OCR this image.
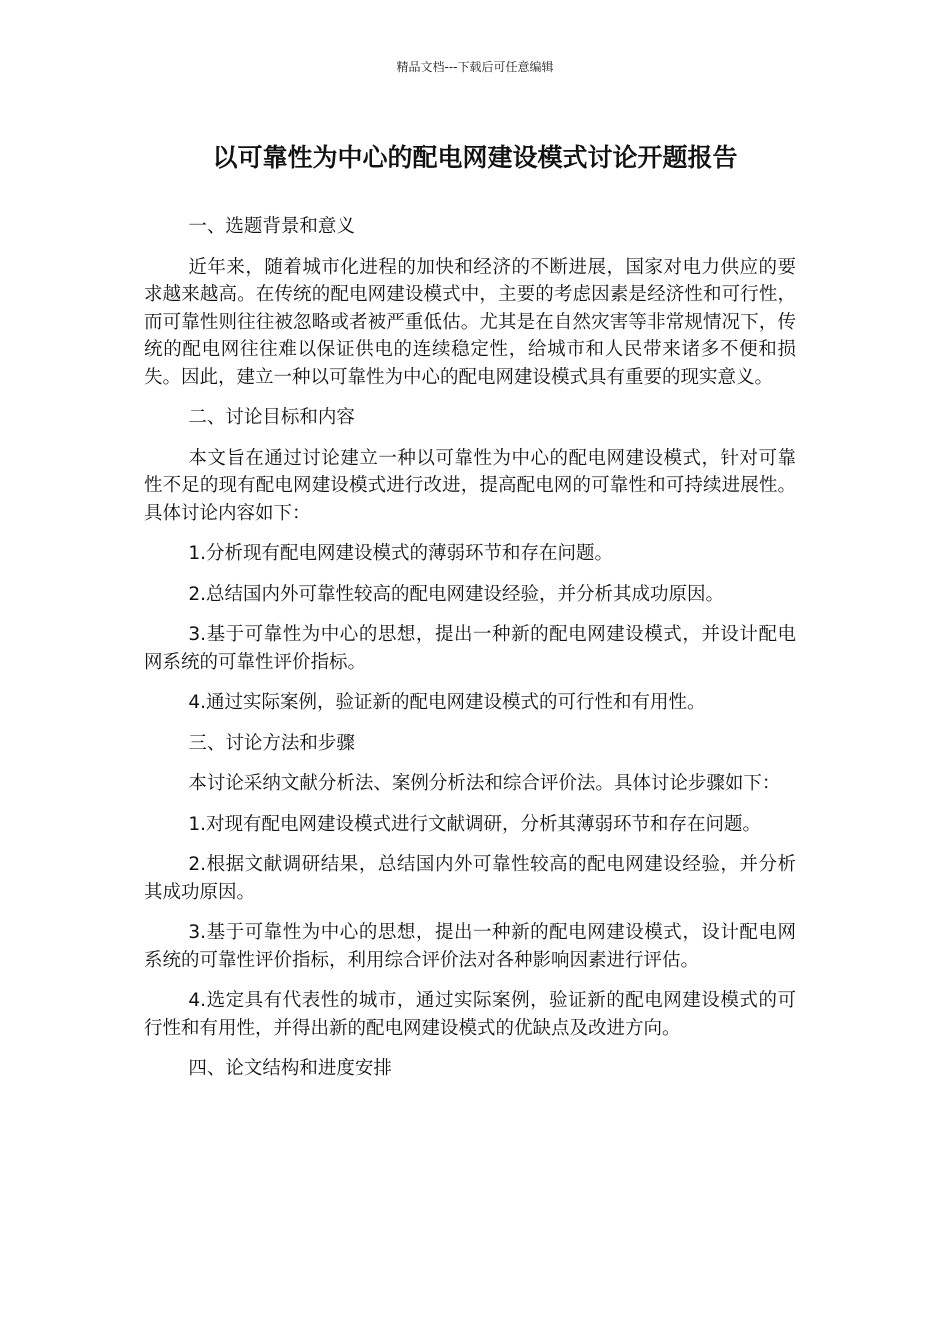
精品文档---下载后可任意编辑
以可靠性为中心的配电网建设模式讨论开题报告

一、选题背景和意义

近年来，随着城市化进程的加快和经济的不断进展，国家对电力供应的要求越来越高。在传统的配电网建设模式中，主要的考虑因素是经济性和可行性，而可靠性则往往被忽略或者被严重低估。尤其是在自然灾害等非常规情况下，传统的配电网往往难以保证供电的连续稳定性，给城市和人民带来诸多不便和损失。因此，建立一种以可靠性为中心的配电网建设模式具有重要的现实意义。

二、讨论目标和内容

本文旨在通过讨论建立一种以可靠性为中心的配电网建设模式，针对可靠性不足的现有配电网建设模式进行改进，提高配电网的可靠性和可持续进展性。具体讨论内容如下：

1.分析现有配电网建设模式的薄弱环节和存在问题。

2.总结国内外可靠性较高的配电网建设经验，并分析其成功原因。

3.基于可靠性为中心的思想，提出一种新的配电网建设模式，并设计配电网系统的可靠性评价指标。

4.通过实际案例，验证新的配电网建设模式的可行性和有用性。

三、讨论方法和步骤

本讨论采纳文献分析法、案例分析法和综合评价法。具体讨论步骤如下：

1.对现有配电网建设模式进行文献调研，分析其薄弱环节和存在问题。

2.根据文献调研结果，总结国内外可靠性较高的配电网建设经验，并分析其成功原因。

3.基于可靠性为中心的思想，提出一种新的配电网建设模式，设计配电网系统的可靠性评价指标，利用综合评价法对各种影响因素进行评估。

4.选定具有代表性的城市，通过实际案例，验证新的配电网建设模式的可行性和有用性，并得出新的配电网建设模式的优缺点及改进方向。

四、论文结构和进度安排
